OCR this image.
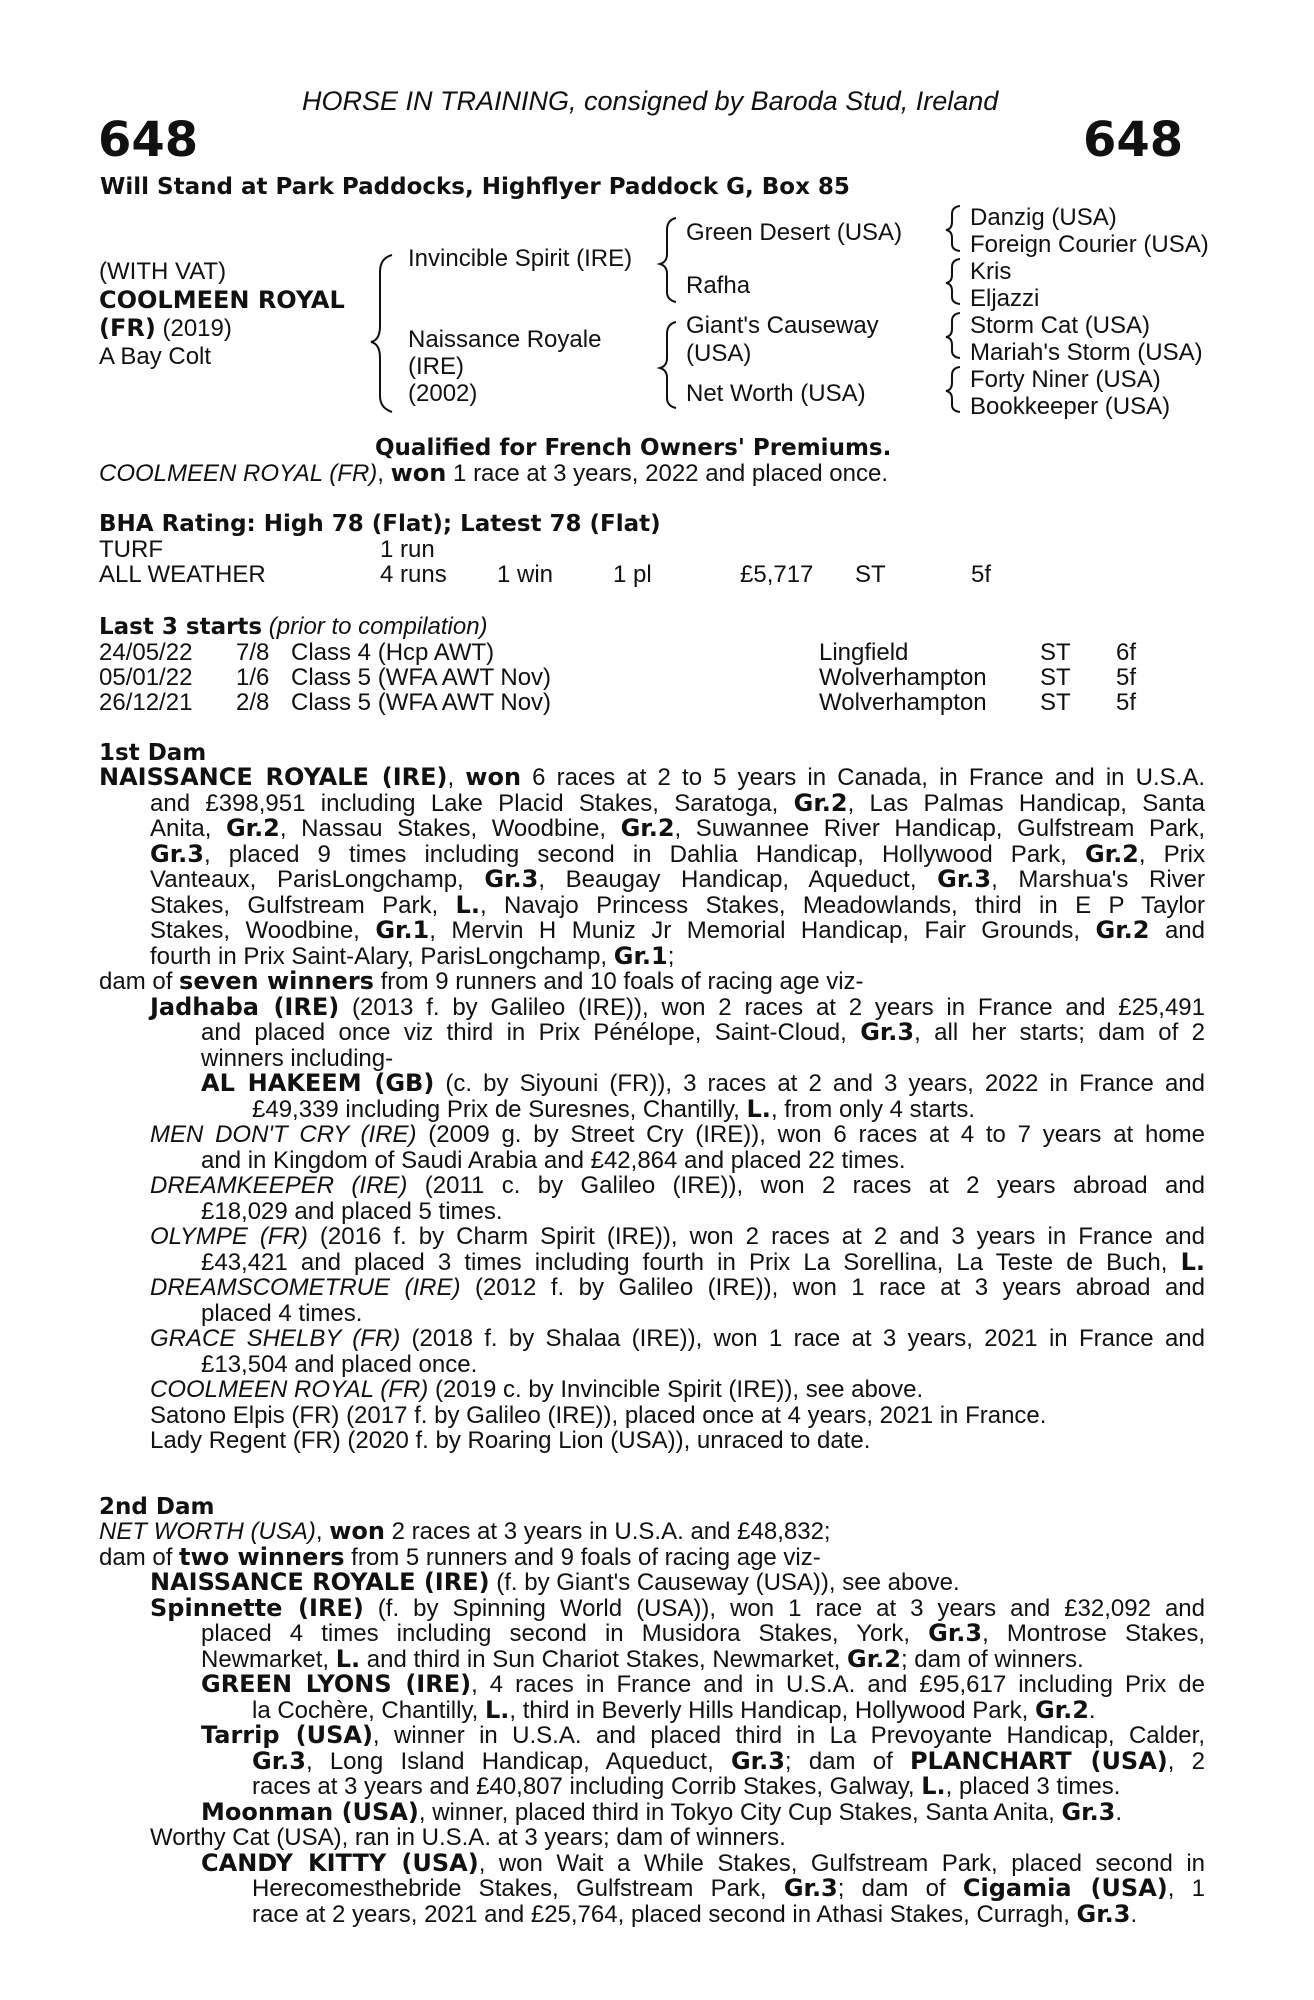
HORSE IN TRAINING, consigned by Baroda Stud, Ireland
648	648
Will Stand at Park Paddocks, Highflyer Paddock G, Box 85
(WITH VAT)
COOLMEEN ROYAL
(FR) (2019)
A Bay Colt
Invincible Spirit (IRE)
Naissance Royale
(IRE)
(2002)
Green Desert (USA)
Rafha
Giant's Causeway
(USA)
Net Worth (USA)
Danzig (USA)
Foreign Courier (USA)
Kris
Eljazzi
Storm Cat (USA)
Mariah's Storm (USA)
Forty Niner (USA)
Bookkeeper (USA)
Qualified for French Owners' Premiums.
COOLMEEN ROYAL (FR), won 1 race at 3 years, 2022 and placed once.
BHA Rating: High 78 (Flat); Latest 78 (Flat)
TURF	1 run
ALL WEATHER	4 runs 1 win 1 pl	£5,717 ST	5f
Last 3 starts (prior to compilation)
24/05/22 7/8 Class 4 (Hcp AWT)	Lingfield	ST 6f
05/01/22 1/6 Class 5 (WFA AWT Nov)	Wolverhampton ST 5f
26/12/21 2/8 Class 5 (WFA AWT Nov)	Wolverhampton ST 5f
1st Dam
NAISSANCE ROYALE (IRE), won 6 races at 2 to 5 years in Canada, in France and in U.S.A.
and £398,951 including Lake Placid Stakes, Saratoga, Gr.2, Las Palmas Handicap, Santa
Anita, Gr.2, Nassau Stakes, Woodbine, Gr.2, Suwannee River Handicap, Gulfstream Park,
Gr.3, placed 9 times including second in Dahlia Handicap, Hollywood Park, Gr.2, Prix
Vanteaux, ParisLongchamp, Gr.3, Beaugay Handicap, Aqueduct, Gr.3, Marshua's River
Stakes, Gulfstream Park, L., Navajo Princess Stakes, Meadowlands, third in E P Taylor
Stakes, Woodbine, Gr.1, Mervin H Muniz Jr Memorial Handicap, Fair Grounds, Gr.2 and
fourth in Prix Saint-Alary, ParisLongchamp, Gr.1;
dam of seven winners from 9 runners and 10 foals of racing age viz-
Jadhaba (IRE) (2013 f. by Galileo (IRE)), won 2 races at 2 years in France and £25,491
and placed once viz third in Prix Pénélope, Saint-Cloud, Gr.3, all her starts; dam of 2
winners including-
AL HAKEEM (GB) (c. by Siyouni (FR)), 3 races at 2 and 3 years, 2022 in France and
£49,339 including Prix de Suresnes, Chantilly, L., from only 4 starts.
MEN DON'T CRY (IRE) (2009 g. by Street Cry (IRE)), won 6 races at 4 to 7 years at home
and in Kingdom of Saudi Arabia and £42,864 and placed 22 times.
DREAMKEEPER (IRE) (2011 c. by Galileo (IRE)), won 2 races at 2 years abroad and
£18,029 and placed 5 times.
OLYMPE (FR) (2016 f. by Charm Spirit (IRE)), won 2 races at 2 and 3 years in France and
£43,421 and placed 3 times including fourth in Prix La Sorellina, La Teste de Buch, L.
DREAMSCOMETRUE (IRE) (2012 f. by Galileo (IRE)), won 1 race at 3 years abroad and
placed 4 times.
GRACE SHELBY (FR) (2018 f. by Shalaa (IRE)), won 1 race at 3 years, 2021 in France and
£13,504 and placed once.
COOLMEEN ROYAL (FR) (2019 c. by Invincible Spirit (IRE)), see above.
Satono Elpis (FR) (2017 f. by Galileo (IRE)), placed once at 4 years, 2021 in France.
Lady Regent (FR) (2020 f. by Roaring Lion (USA)), unraced to date.
2nd Dam
NET WORTH (USA), won 2 races at 3 years in U.S.A. and £48,832;
dam of two winners from 5 runners and 9 foals of racing age viz-
NAISSANCE ROYALE (IRE) (f. by Giant's Causeway (USA)), see above.
Spinnette (IRE) (f. by Spinning World (USA)), won 1 race at 3 years and £32,092 and
placed 4 times including second in Musidora Stakes, York, Gr.3, Montrose Stakes,
Newmarket, L. and third in Sun Chariot Stakes, Newmarket, Gr.2; dam of winners.
GREEN LYONS (IRE), 4 races in France and in U.S.A. and £95,617 including Prix de
la Cochère, Chantilly, L., third in Beverly Hills Handicap, Hollywood Park, Gr.2.
Tarrip (USA), winner in U.S.A. and placed third in La Prevoyante Handicap, Calder,
Gr.3, Long Island Handicap, Aqueduct, Gr.3; dam of PLANCHART (USA), 2
races at 3 years and £40,807 including Corrib Stakes, Galway, L., placed 3 times.
Moonman (USA), winner, placed third in Tokyo City Cup Stakes, Santa Anita, Gr.3.
Worthy Cat (USA), ran in U.S.A. at 3 years; dam of winners.
CANDY KITTY (USA), won Wait a While Stakes, Gulfstream Park, placed second in
Herecomesthebride Stakes, Gulfstream Park, Gr.3; dam of Cigamia (USA), 1
race at 2 years, 2021 and £25,764, placed second in Athasi Stakes, Curragh, Gr.3.
